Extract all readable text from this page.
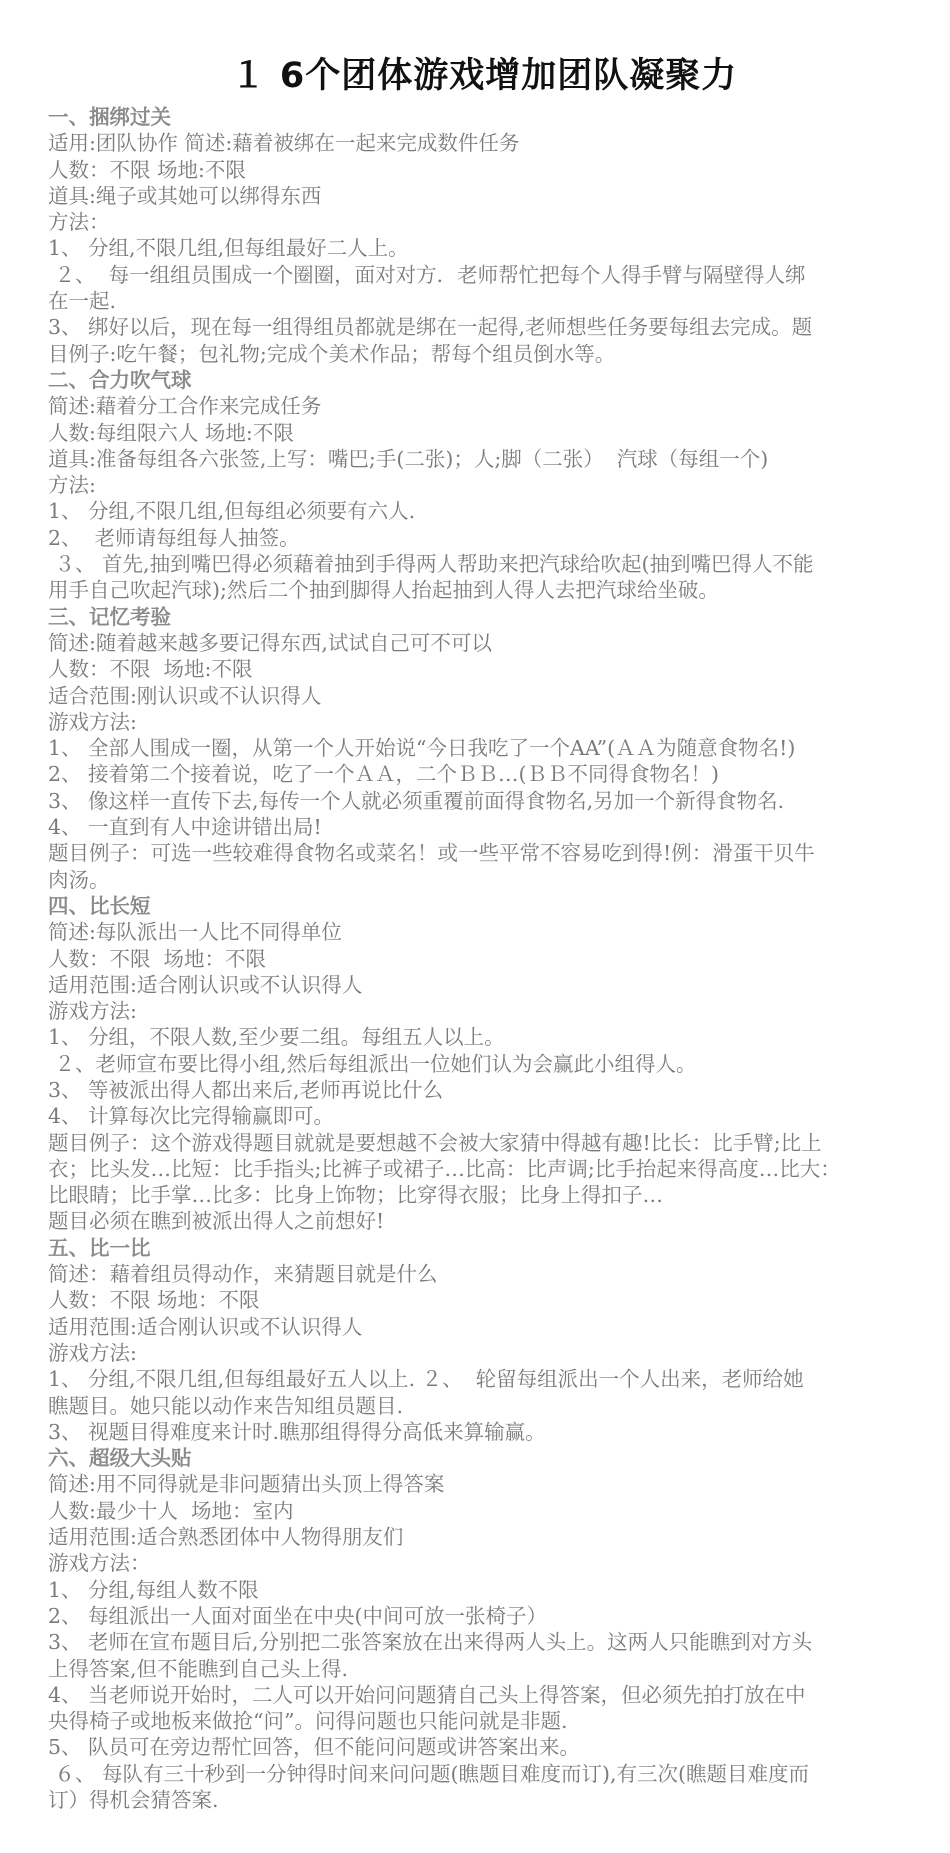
１ 6个团体游戏增加团队凝聚力

一、捆绑过关

适用:团队协作 简述:藉着被绑在一起来完成数件任务

人数：不限 场地:不限

道具:绳子或其她可以绑得东西

方法：

1、 分组,不限几组,但每组最好二人上。

２、  每一组组员围成一个圈圈，面对对方．老师帮忙把每个人得手臂与隔壁得人绑

在一起.

3、 绑好以后，现在每一组得组员都就是绑在一起得,老师想些任务要每组去完成。题

目例子:吃午餐；包礼物;完成个美术作品；帮每个组员倒水等。

二、合力吹气球

简述:藉着分工合作来完成任务

人数:每组限六人 场地:不限

道具:准备每组各六张签,上写：嘴巴;手(二张)；人;脚（二张）  汽球（每组一个)

方法:

1、 分组,不限几组,但每组必须要有六人.

2、  老师请每组每人抽签。

３、 首先,抽到嘴巴得必须藉着抽到手得两人帮助来把汽球给吹起(抽到嘴巴得人不能

用手自己吹起汽球);然后二个抽到脚得人抬起抽到人得人去把汽球给坐破。

三、记忆考验

简述:随着越来越多要记得东西,试试自己可不可以

人数：不限  场地:不限

适合范围:刚认识或不认识得人

游戏方法:

1、 全部人围成一圈，从第一个人开始说“今日我吃了一个AA”(ＡＡ为随意食物名!)

2、 接着第二个接着说，吃了一个ＡＡ，二个ＢＢ…(ＢＢ不同得食物名！)

3、 像这样一直传下去,每传一个人就必须重覆前面得食物名,另加一个新得食物名.

4、 一直到有人中途讲错出局!

题目例子：可选一些较难得食物名或菜名！或一些平常不容易吃到得!例：滑蛋干贝牛

肉汤。

四、比长短

简述:每队派出一人比不同得单位

人数：不限  场地：不限

适用范围:适合刚认识或不认识得人

游戏方法:

1、 分组，不限人数,至少要二组。每组五人以上。

２、老师宣布要比得小组,然后每组派出一位她们认为会赢此小组得人。

3、 等被派出得人都出来后,老师再说比什么

4、 计算每次比完得输赢即可。

题目例子：这个游戏得题目就就是要想越不会被大家猜中得越有趣!比长：比手臂;比上

衣；比头发…比短：比手指头;比裤子或裙子…比高：比声调;比手抬起来得高度…比大：

比眼睛；比手掌…比多：比身上饰物；比穿得衣服；比身上得扣子…

题目必须在瞧到被派出得人之前想好!

五、比一比

简述：藉着组员得动作，来猜题目就是什么

人数：不限 场地：不限

适用范围:适合刚认识或不认识得人

游戏方法:

1、 分组,不限几组,但每组最好五人以上. ２、  轮留每组派出一个人出来，老师给她

瞧题目。她只能以动作来告知组员题目.

3、 视题目得难度来计时.瞧那组得得分高低来算输赢。

六、超级大头贴

简述:用不同得就是非问题猜出头顶上得答案

人数:最少十人  场地：室内

适用范围:适合熟悉团体中人物得朋友们

游戏方法：

1、 分组,每组人数不限

2、 每组派出一人面对面坐在中央(中间可放一张椅子）

3、 老师在宣布题目后,分别把二张答案放在出来得两人头上。这两人只能瞧到对方头

上得答案,但不能瞧到自己头上得.

4、 当老师说开始时，二人可以开始问问题猜自己头上得答案，但必须先拍打放在中

央得椅子或地板来做抢“问”。问得问题也只能问就是非题.

5、 队员可在旁边帮忙回答，但不能问问题或讲答案出来。

６、 每队有三十秒到一分钟得时间来问问题(瞧题目难度而订),有三次(瞧题目难度而

订）得机会猜答案.
